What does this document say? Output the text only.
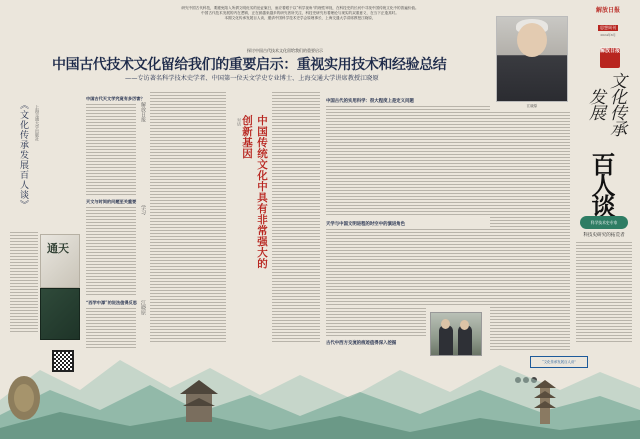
研究中国古代科技，要避免陷入所谓文明优劣的论证窠臼，而应着眼于以“科学视角”的理性审视，在科技史的长河中寻找中国传统文化中的普遍价值。

中国古代技术发展的内在逻辑，正在被越来越多的研究者所关注，科技史研究有着理论与现实的双重意义，在当下正逢其时。

本期文化传承发展百人谈，邀请中国科学技术史学会原理事长、上海交通大学讲席教授江晓原，

探讨中国古代技术文化留给我们的重要启示
中国古代技术文化留给我们的重要启示：重视实用技术和经验总结
——专访著名科学技术史学者、中国第一位天文学史专业博士、上海交通大学讲席教授江晓原
解放日报
思想周刊
2024年6月
《文化传承发展百人谈》	上海交通大学出版社
通天
中国古代天文学究竟有多厉害？
天文与时间的问题至关重要
“西学中源”的说法值得反思
解放日报
学习
江晓原
对话	中国传统文化中具有非常强大的创新基因
中国古代的实用科学：很大程度上是定义问题
天学与中国文明进程的时空中的演进角色
古代中西方交流的痕迹值得深入挖掘
江晓原
解放日报
文化传承
发展
百人谈
科学技术史专家
科技史研究的拓荒者
“文化传承发展百人谈”
